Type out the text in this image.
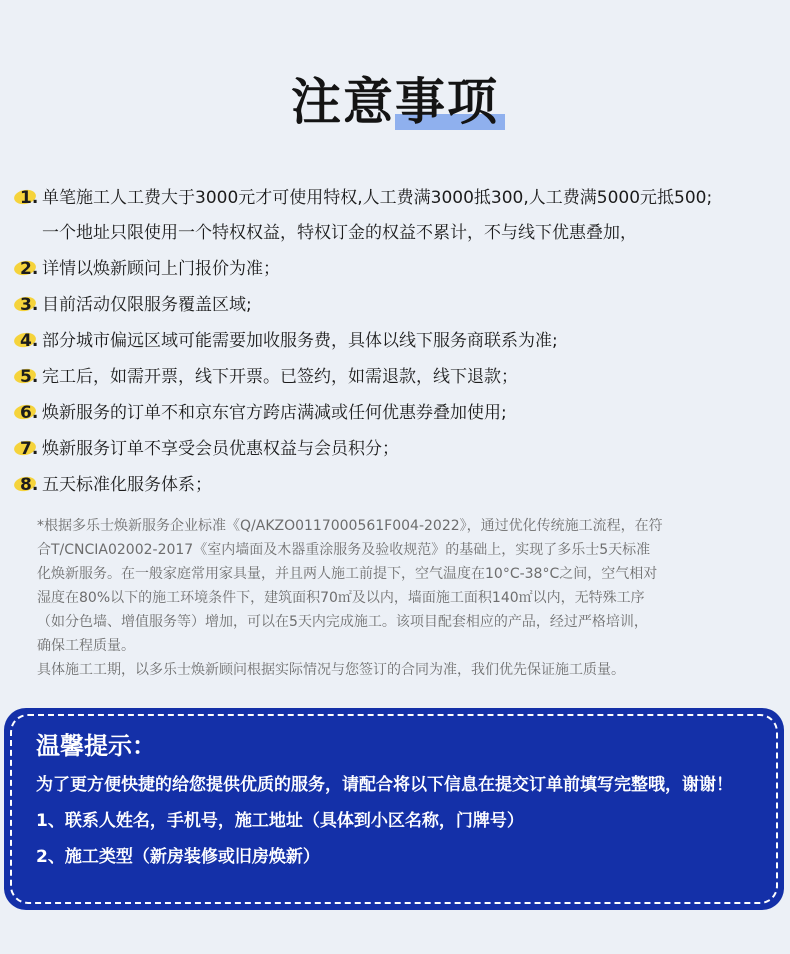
注意事项
1. 单笔施工人工费大于3000元才可使用特权,人工费满3000抵300,人工费满5000元抵500;
一个地址只限使用一个特权权益，特权订金的权益不累计，不与线下优惠叠加，
2. 详情以焕新顾问上门报价为准；
3. 目前活动仅限服务覆盖区域;
4. 部分城市偏远区域可能需要加收服务费，具体以线下服务商联系为准;
5. 完工后，如需开票，线下开票。已签约，如需退款，线下退款；
6. 焕新服务的订单不和京东官方跨店满减或任何优惠券叠加使用;
7. 焕新服务订单不享受会员优惠权益与会员积分；
8. 五天标准化服务体系；

*根据多乐士焕新服务企业标准《Q/AKZO0117000561F004-2022》，通过优化传统施工流程，在符

合T/CNCIA02002-2017《室内墙面及木器重涂服务及验收规范》的基础上，实现了多乐士5天标准

化焕新服务。在一般家庭常用家具量，并且两人施工前提下，空气温度在10°C-38°C之间，空气相对

湿度在80%以下的施工环境条件下，建筑面积70㎡及以内，墙面施工面积140㎡以内，无特殊工序

（如分色墙、增值服务等）增加，可以在5天内完成施工。该项目配套相应的产品，经过严格培训，

确保工程质量。

具体施工工期，以多乐士焕新顾问根据实际情况与您签订的合同为准，我们优先保证施工质量。

温馨提示：
为了更方便快捷的给您提供优质的服务，请配合将以下信息在提交订单前填写完整哦，谢谢！
1、联系人姓名，手机号，施工地址（具体到小区名称，门牌号）
2、施工类型（新房装修或旧房焕新）
